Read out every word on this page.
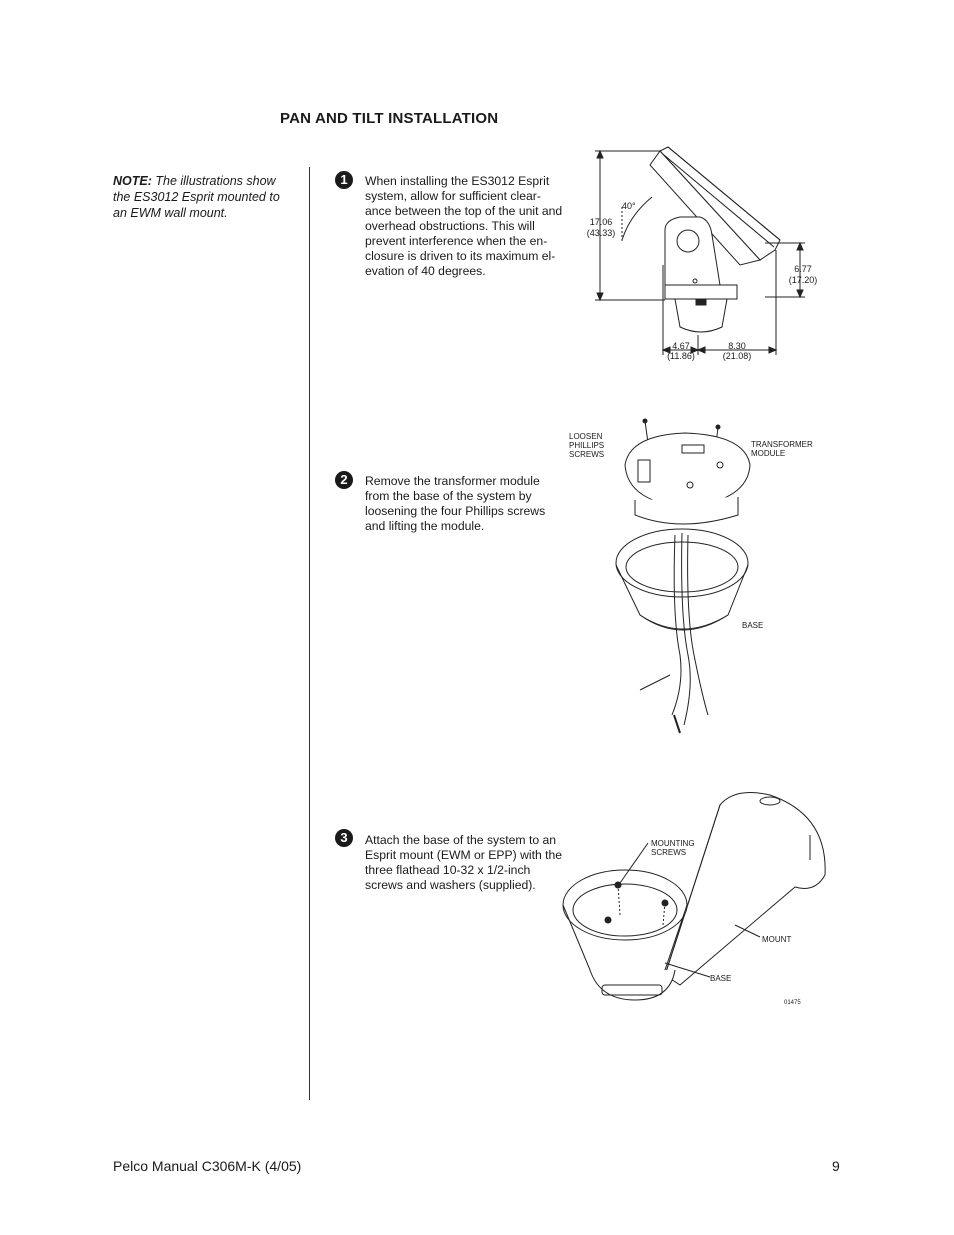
PAN AND TILT INSTALLATION
NOTE: The illustrations show the ES3012 Esprit mounted to an EWM wall mount.
1	When installing the ES3012 Esprit system, allow for sufficient clear-ance between the top of the unit and overhead obstructions. This will prevent interference when the en-closure is driven to its maximum el-evation of 40 degrees.
2	Remove the transformer module from the base of the system by loosening the four Phillips screws and lifting the module.
3	Attach the base of the system to an Esprit mount (EWM or EPP) with the three flathead 10-32 x 1/2-inch screws and washers (supplied).
40°
17.06
(43.33)
6.77
(17.20)
4.67
(11.86)
8.30
(21.08)
LOOSEN
PHILLIPS
SCREWS
TRANSFORMER
MODULE
BASE
MOUNTING
SCREWS
MOUNT
BASE
01475
Pelco Manual C306M-K (4/05)	9
